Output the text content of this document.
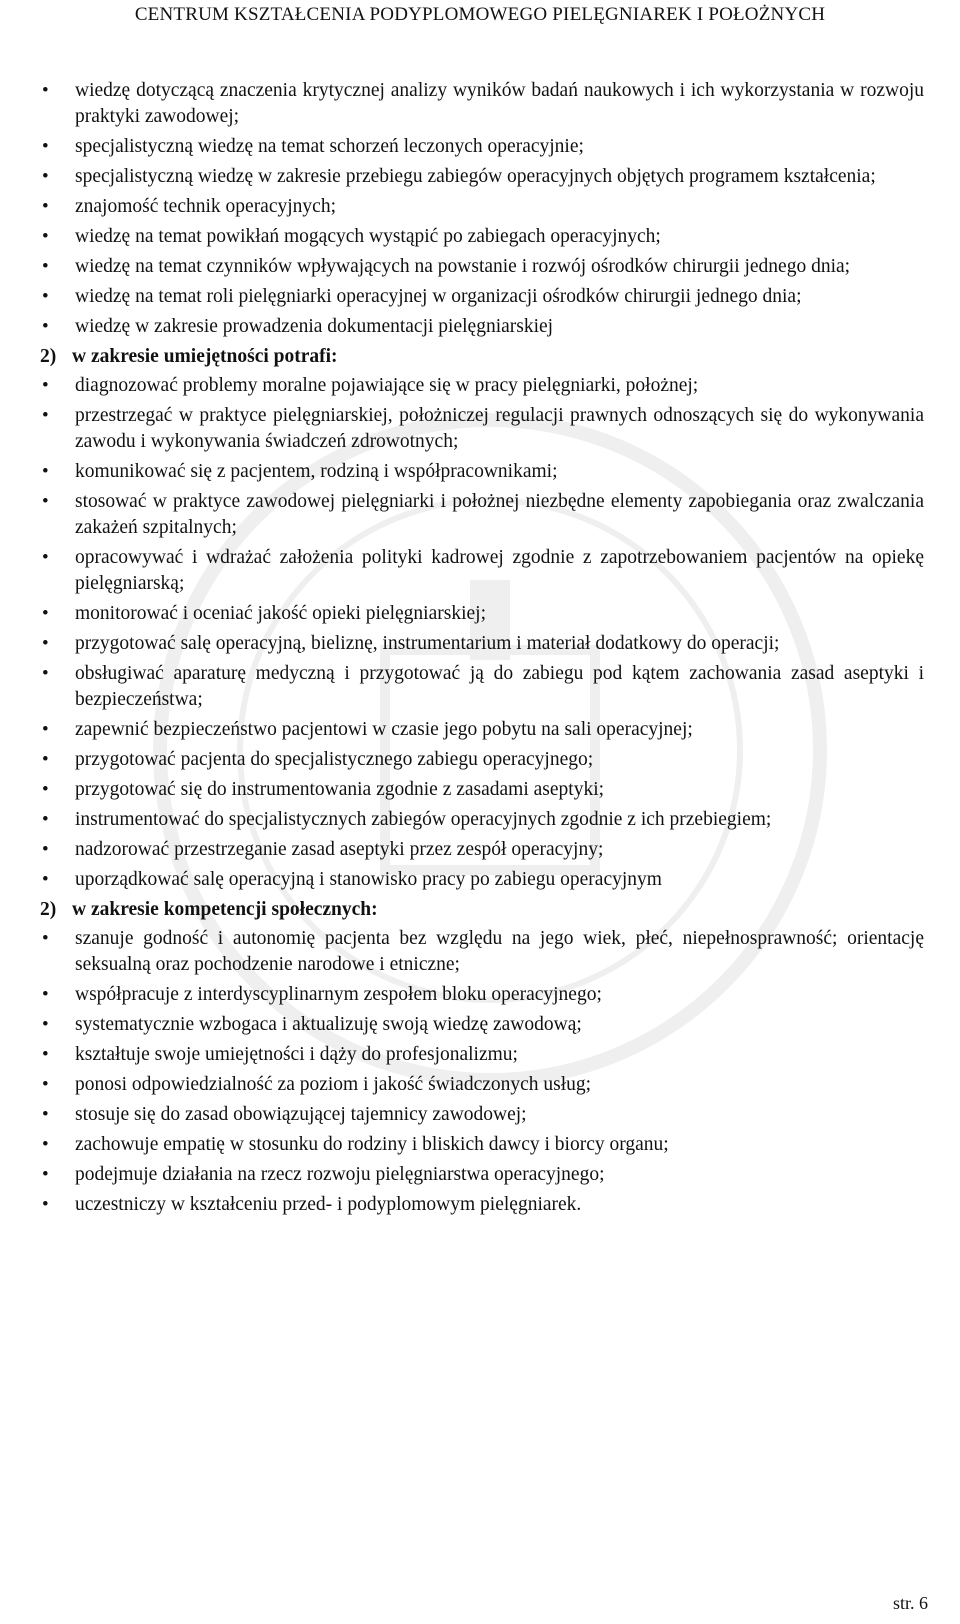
CENTRUM KSZTAŁCENIA PODYPLOMOWEGO PIELĘGNIAREK I POŁOŻNYCH
• wiedzę dotyczącą znaczenia krytycznej analizy wyników badań naukowych i ich wykorzystania w rozwoju praktyki zawodowej;
• specjalistyczną wiedzę na temat schorzeń leczonych operacyjnie;
• specjalistyczną wiedzę w zakresie przebiegu zabiegów operacyjnych objętych programem kształcenia;
• znajomość technik operacyjnych;
• wiedzę na temat powikłań mogących wystąpić po zabiegach operacyjnych;
• wiedzę na temat czynników wpływających na powstanie i rozwój ośrodków chirurgii jednego dnia;
• wiedzę na temat roli pielęgniarki operacyjnej w organizacji ośrodków chirurgii jednego dnia;
• wiedzę w zakresie prowadzenia dokumentacji pielęgniarskiej
2) w zakresie umiejętności potrafi:
• diagnozować problemy moralne pojawiające się w pracy pielęgniarki, położnej;
• przestrzegać w praktyce pielęgniarskiej, położniczej regulacji prawnych odnoszących się do wykonywania zawodu i wykonywania świadczeń zdrowotnych;
• komunikować się z pacjentem, rodziną i współpracownikami;
• stosować w praktyce zawodowej pielęgniarki i położnej niezbędne elementy zapobiegania oraz zwalczania zakażeń szpitalnych;
• opracowywać i wdrażać założenia polityki kadrowej zgodnie z zapotrzebowaniem pacjentów na opiekę pielęgniarską;
• monitorować i oceniać jakość opieki pielęgniarskiej;
• przygotować salę operacyjną, bieliznę, instrumentarium i materiał dodatkowy do operacji;
• obsługiwać aparaturę medyczną i przygotować ją do zabiegu pod kątem zachowania zasad aseptyki i bezpieczeństwa;
• zapewnić bezpieczeństwo pacjentowi w czasie jego pobytu na sali operacyjnej;
• przygotować pacjenta do specjalistycznego zabiegu operacyjnego;
• przygotować się do instrumentowania zgodnie z zasadami aseptyki;
• instrumentować do specjalistycznych zabiegów operacyjnych zgodnie z ich przebiegiem;
• nadzorować przestrzeganie zasad aseptyki przez zespół operacyjny;
• uporządkować salę operacyjną i stanowisko pracy po zabiegu operacyjnym
2) w zakresie kompetencji społecznych:
• szanuje godność i autonomię pacjenta bez względu na jego wiek, płeć, niepełnosprawność; orientację seksualną oraz pochodzenie narodowe i etniczne;
• współpracuje z interdyscyplinarnym zespołem bloku operacyjnego;
• systematycznie wzbogaca i aktualizuję swoją wiedzę zawodową;
• kształtuje swoje umiejętności i dąży do profesjonalizmu;
• ponosi odpowiedzialność za poziom i jakość świadczonych usług;
• stosuje się do zasad obowiązującej tajemnicy zawodowej;
• zachowuje empatię w stosunku do rodziny i bliskich dawcy i biorcy organu;
• podejmuje działania na rzecz rozwoju pielęgniarstwa operacyjnego;
• uczestniczy w kształceniu przed- i podyplomowym pielęgniarek.
str. 6
